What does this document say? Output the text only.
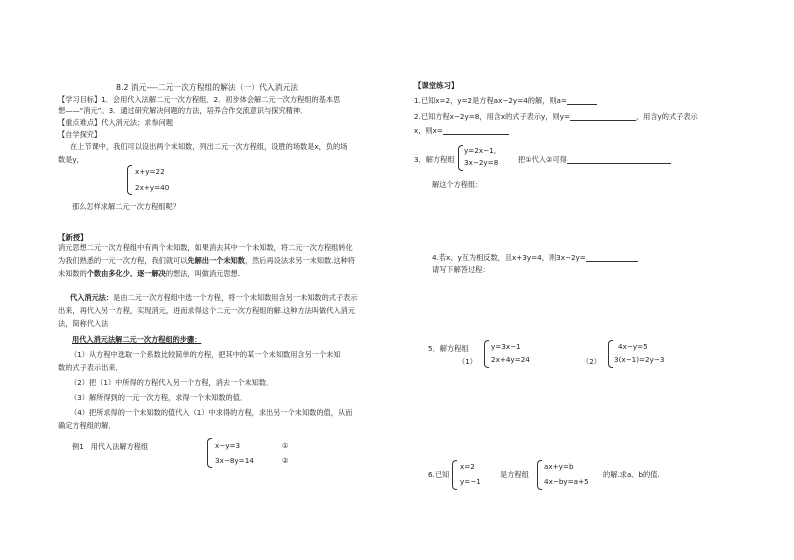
8.2 消元----二元一次方程组的解法（一）代入消元法
【学习目标】1．会用代入法解二元一次方程组．2．初步体会解二元一次方程组的基本思
想——“消元”。3．通过研究解决问题的方法，培养合作交流意识与探究精神．
【重点难点】代入消元法；求参问题
【自学探究】
在上节课中，我们可以设出两个未知数，列出二元一次方程组，设胜的场数是x，负的场
数是y，
x+y=22
2x+y=40
那么怎样求解二元一次方程组呢？
【新授】
消元思想二元一次方程组中有两个未知数，如果消去其中一个未知数，将二元一次方程组转化
为我们熟悉的一元一次方程，我们就可以先解出一个未知数，然后再设法求另一未知数.这种将
未知数的个数由多化少、逐一解决的想法，叫做消元思想.
代入消元法：是由二元一次方程组中选一个方程，将一个未知数用含另一未知数的式子表示
出来，再代入另一方程，实现消元，进而求得这个二元一次方程组的解.这种方法叫做代入消元
法，简称代入法
用代入消元法解二元一次方程组的步骤：
（1）从方程中选取一个系数比较简单的方程，把其中的某一个未知数用含另一个未知
数的式子表示出来．
（2）把（1）中所得的方程代入另一个方程，消去一个未知数．
（3）解所得到的一元一次方程，求得一个未知数的值．
（4）把所求得的一个未知数的值代入（1）中求得的方程，求出另一个未知数的值，从而
确定方程组的解．
例1 用代入法解方程组	x−y=3	①
3x−8y=14	②
【课堂练习】
1.已知x=2，y=2是方程ax−2y=4的解，则a=
2.已知方程x−2y=8，用含x的式子表示y，则y=	，用含y的式子表示
x，则x=
3．解方程组
y=2x−1,
3x−2y=8	把①代入②可得
解这个方程组：
4.若x、y互为相反数，且x+3y=4，则3x−2y=
请写下解答过程：
5．解方程组
（1）
y=3x−1
2x+4y=24	（2）
4x−y=5
3(x−1)=2y−3
6.已知
x=2
y=−1
是方程组
ax+y=b
4x−by=a+5
的解.求a、b的值.
